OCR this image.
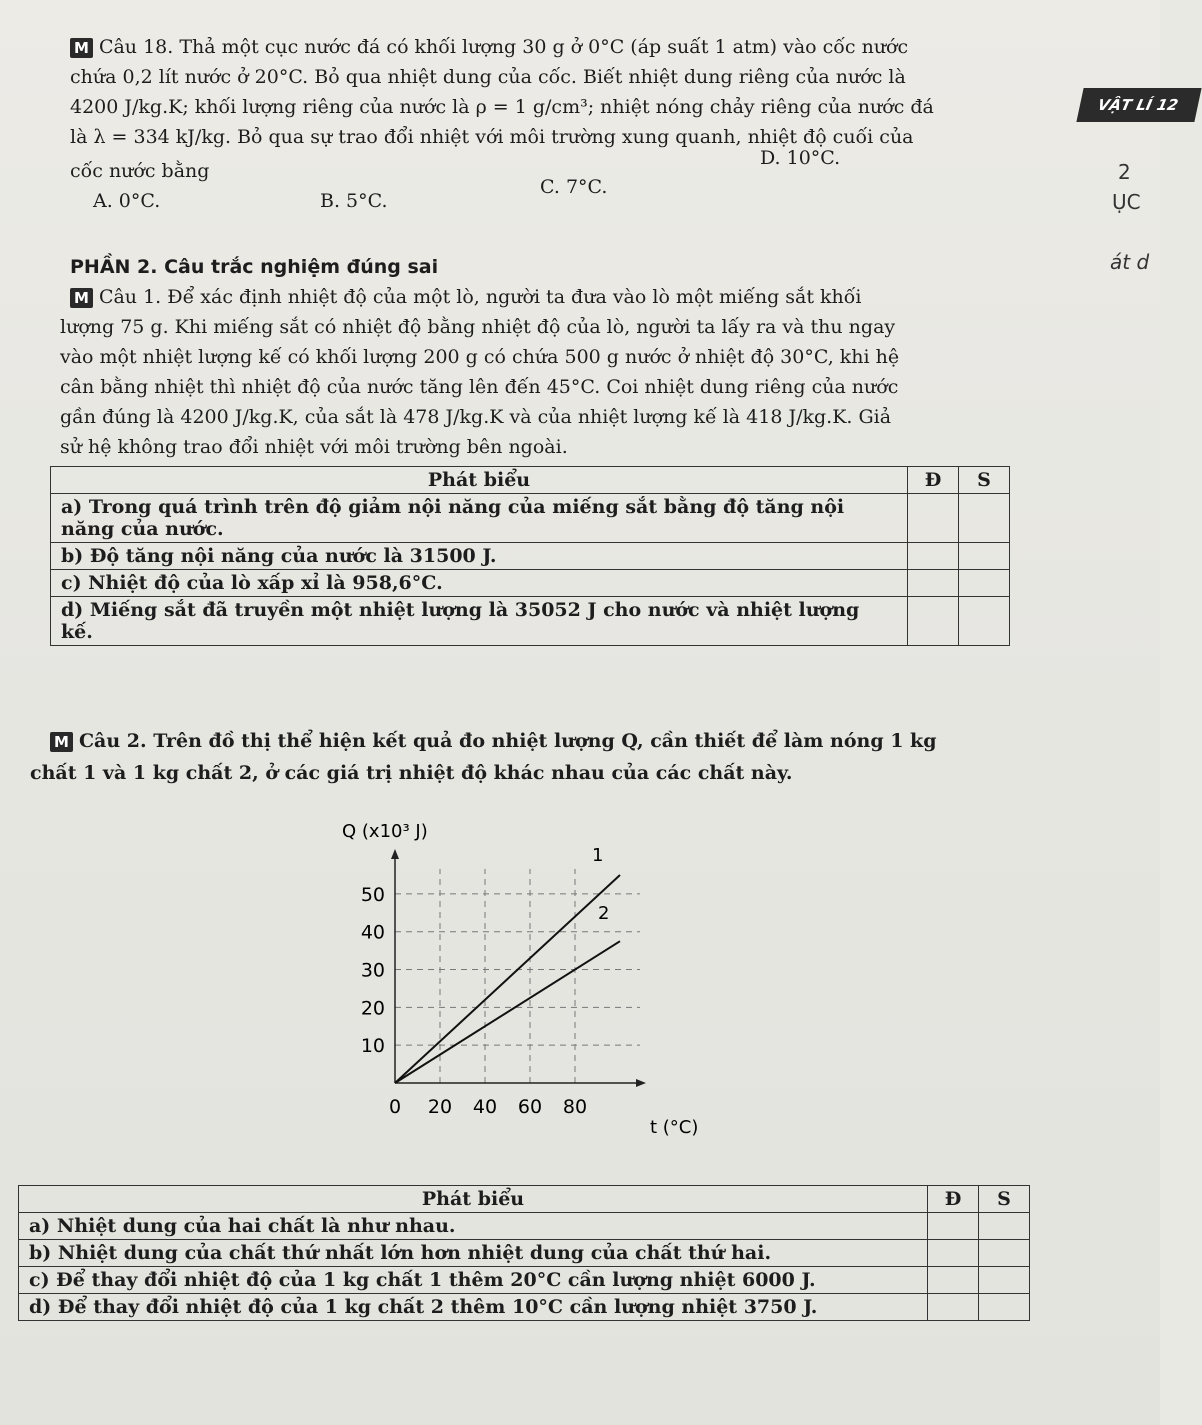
M Câu 18. Thả một cục nước đá có khối lượng 30 g ở 0°C (áp suất 1 atm) vào cốc nước
chứa 0,2 lít nước ở 20°C. Bỏ qua nhiệt dung của cốc. Biết nhiệt dung riêng của nước là
4200 J/kg.K; khối lượng riêng của nước là ρ = 1 g/cm³; nhiệt nóng chảy riêng của nước đá
là λ = 334 kJ/kg. Bỏ qua sự trao đổi nhiệt với môi trường xung quanh, nhiệt độ cuối của
cốc nước bằng
A. 0°C.	B. 5°C.
C. 7°C.
D. 10°C.
VẬT LÍ 12
2
ỤC
át d
PHẦN 2. Câu trắc nghiệm đúng sai
M Câu 1. Để xác định nhiệt độ của một lò, người ta đưa vào lò một miếng sắt khối
lượng 75 g. Khi miếng sắt có nhiệt độ bằng nhiệt độ của lò, người ta lấy ra và thu ngay
vào một nhiệt lượng kế có khối lượng 200 g có chứa 500 g nước ở nhiệt độ 30°C, khi hệ
cân bằng nhiệt thì nhiệt độ của nước tăng lên đến 45°C. Coi nhiệt dung riêng của nước
gần đúng là 4200 J/kg.K, của sắt là 478 J/kg.K và của nhiệt lượng kế là 418 J/kg.K. Giả
sử hệ không trao đổi nhiệt với môi trường bên ngoài.
Phát biểu	Đ	S
a) Trong quá trình trên độ giảm nội năng của miếng sắt bằng độ tăng nội năng của nước.		
b) Độ tăng nội năng của nước là 31500 J.		
c) Nhiệt độ của lò xấp xỉ là 958,6°C.		
d) Miếng sắt đã truyền một nhiệt lượng là 35052 J cho nước và nhiệt lượng kế.		
M Câu 2. Trên đồ thị thể hiện kết quả đo nhiệt lượng Q, cần thiết để làm nóng 1 kg
chất 1 và 1 kg chất 2, ở các giá trị nhiệt độ khác nhau của các chất này.
Q (x10³ J)
t (°C)
0 20 40 60 80
10
20
30
40
50
1
2
Phát biểu	Đ	S
a) Nhiệt dung của hai chất là như nhau.		
b) Nhiệt dung của chất thứ nhất lớn hơn nhiệt dung của chất thứ hai.		
c) Để thay đổi nhiệt độ của 1 kg chất 1 thêm 20°C cần lượng nhiệt 6000 J.		
d) Để thay đổi nhiệt độ của 1 kg chất 2 thêm 10°C cần lượng nhiệt 3750 J.		
